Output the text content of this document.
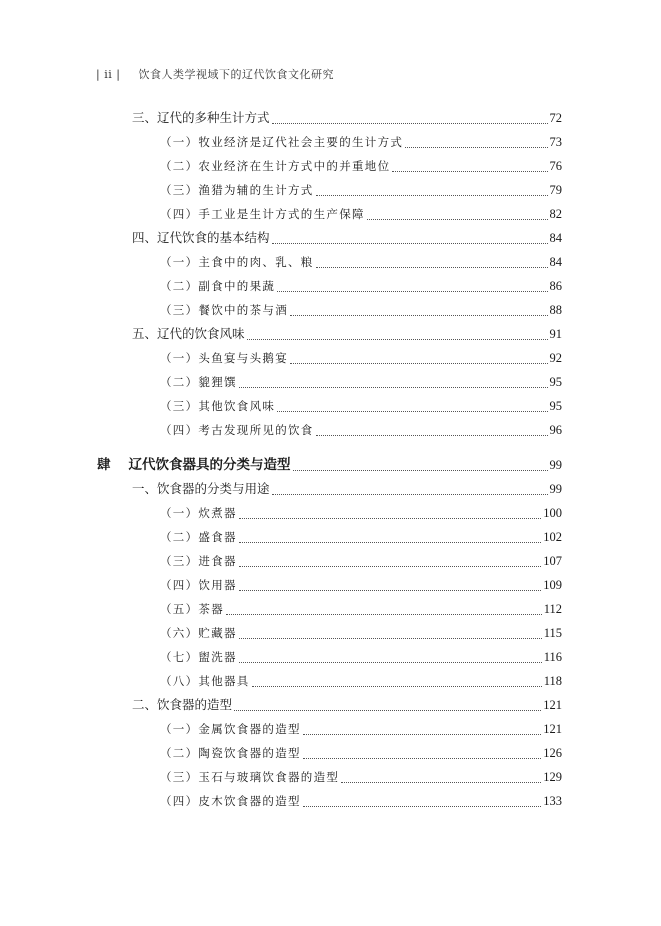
| ii | 饮食人类学视域下的辽代饮食文化研究
三、辽代的多种生计方式	72
（一）牧业经济是辽代社会主要的生计方式	73
（二）农业经济在生计方式中的并重地位	76
（三）渔猎为辅的生计方式	79
（四）手工业是生计方式的生产保障	82
四、辽代饮食的基本结构	84
（一）主食中的肉、乳、粮	84
（二）副食中的果蔬	86
（三）餐饮中的茶与酒	88
五、辽代的饮食风味	91
（一）头鱼宴与头鹅宴	92
（二）貔狸馔	95
（三）其他饮食风味	95
（四）考古发现所见的饮食	96
肆 辽代饮食器具的分类与造型	99
一、饮食器的分类与用途	99
（一）炊煮器	100
（二）盛食器	102
（三）进食器	107
（四）饮用器	109
（五）茶器	112
（六）贮藏器	115
（七）盥洗器	116
（八）其他器具	118
二、饮食器的造型	121
（一）金属饮食器的造型	121
（二）陶瓷饮食器的造型	126
（三）玉石与玻璃饮食器的造型	129
（四）皮木饮食器的造型	133
